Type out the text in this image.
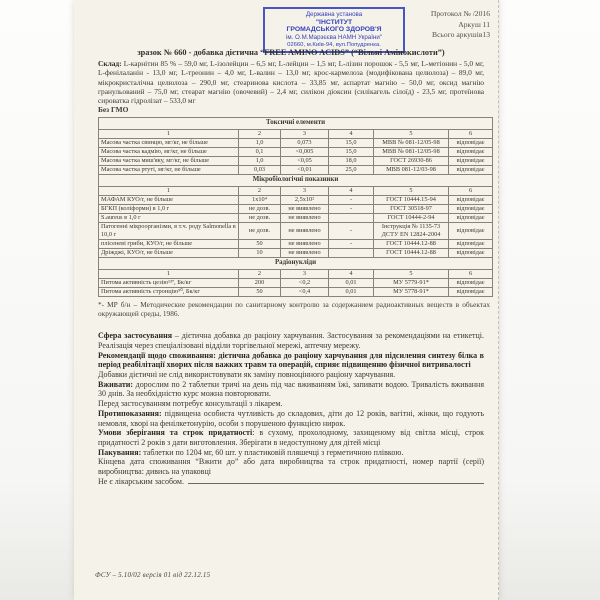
Державна установа
"ІНСТИТУТ
ГРОМАДСЬКОГО ЗДОРОВ'Я
ім. О.М.Марзєєва НАМН України"
02660, м.Київ-94, вул.Попудренка.
Протокол № /2016
Аркуш 11
Всього аркушів13
зразок № 660 - добавка дієтична “FREE AMINO ACIDS” (“Вільні Амінокислоти”)
Склад: L-карнітин 85 % – 59,0 мг, L-ізолейцин – 6,5 мг, L-лейцин – 1,5 мг, L-лізин порошок - 5,5 мг, L-метіонин - 5,0 мг, L-фенілаланін - 13,0 мг, L-треонин – 4,0 мг, L-валин – 13,0 мг, крос-кармелоза (модифікована целюлоза) – 89,0 мг, мікрокристалічна целюлоза – 290,0 мг, стеаринова кислота – 33,85 мг, аспартат магнію – 50,0 мг, оксид магнію гранульований – 75,0 мг, стеарат магнію (овочевий) – 2,4 мг, силікон діоксин (силікагель сілоїд) - 23,5 мг, протеїнова сироватка гідролізат – 533,0 мг
Без ГМО
Токсичні елементи					
1	2	3	4	5	6
Масова частка свинцю, мг/кг, не більше	1,0	0,073	15,0	МВВ № 081-12/05-98	відповідає
Масова частка кадмію, мг/кг, не більше	0,1	<0,005	15,0	МВВ № 081-12/05-98	відповідає
Масова частка миш'яку, мг/кг, не більше	1,0	<0,05	18,0	ГОСТ 26930-86	відповідає
Масова частка ртуті, мг/кг, не більше	0,03	<0,01	25,0	МВВ 081-12/03-98	відповідає
Мікробіологічні показники					
1	2	3	4	5	6
МАФАМ КУО/г, не більше	1х10⁴	2,5х10²	-	ГОСТ 10444.15-94	відповідає
БГКП (коліформи) в 1,0 г	не дозв.	не виявлено	-	ГОСТ 30518-97	відповідає
S.aureus в 1,0 г	не дозв.	не виявлено		ГОСТ 10444-2-94	відповідає
Патогенні мікроорганізми, в т.ч. роду Salmonella в 10,0 г	не дозв.	не виявлено	-	Інструкція № 1135-73 ДСТУ EN 12824-2004	відповідає
плісеневі гриби, КУО/г, не більше	50	не виявлено	-	ГОСТ 10444.12-88	відповідає
Дріжджі, КУО/г, не більше	10	не виявлено		ГОСТ 10444.12-88	відповідає
Радіонукліди					
1	2	3	4	5	6
Питома активність цезію¹³⁷, Бк/кг	200	<0,2	0,01	МУ 5779-91*	відповідає
Питома активність стронцію⁹⁰, Бк/кг	50	<0,4	0,01	МУ 5778-91*	відповідає
*- МР б/н – Методические рекомендации по санитарному контролю за содержанием радиоактивных веществ в объектах окружающей среды, 1986.
Сфера застосування – дієтична добавка до раціону харчування. Застосування за рекомендаціями на етикетці. Реалізація через спеціалізовані відділи торгівельної мережі, аптечну мережу.
Рекомендації щодо споживання: дієтична добавка до раціону харчування для підсилення синтезу білка в період реабілітації хворих після важких травм та операцій, сприяє підвищенню фізичної витривалості
Добавки дієтичні не слід використовувати як заміну повноцінного раціону харчування.
Вживати: дорослим по 2 таблетки тричі на день під час вживанням їжі, запивати водою. Тривалість вживання 30 днів. За необхідністю курс можна повторювати.
Перед застосуванням потребує консультації з лікарем.
Протипоказання: підвищена особиста чутливість до складових, діти до 12 років, вагітні, жінки, що годують немовля, хворі на фенілкетонурію, особи з порушеною функцією нирок.
Умови зберігання та строк придатності: в сухому, прохолодному, захищеному від світла місці, строк придатності 2 років з дати виготовлення. Зберігати в недоступному для дітей місці
Пакування: таблетки по 1204 мг, 60 шт. у пластиковій пляшечці з герметичною плівкою.
Кінцева дата споживання “Вжити до” або дата виробництва та строк придатності, номер партії (серії) виробництва: дивись на упаковці
Не є лікарським засобом.
ФСУ – 5.10/02 версія 01 від 22.12.15
